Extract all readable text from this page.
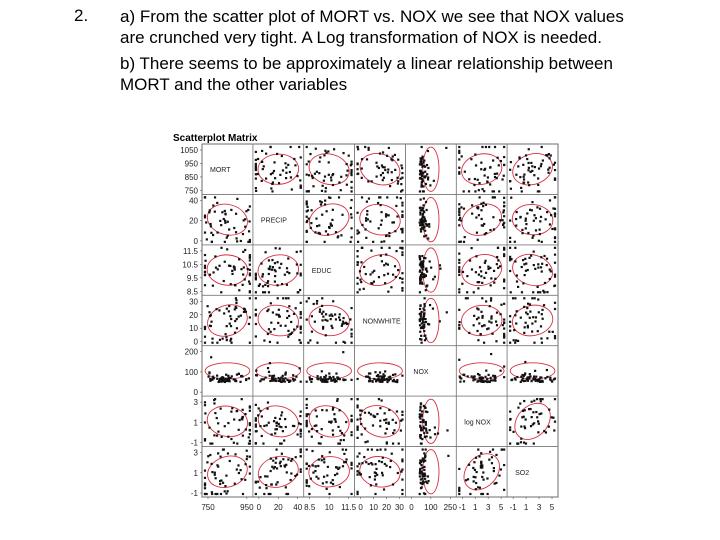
2. a) From the scatter plot of MORT vs. NOX we see that NOX values are crunched very tight. A Log transformation of NOX is needed.

b) There seems to be approximately a linear relationship between MORT and the other variables

Scatterplot Matrix
MORT
PRECIP
EDUC
NONWHITE
NOX
log NOX
SO2
1050
950
850
750
40
20
0
11.5
10.5
9.5
8.5
30
20
10
0
200
100
0
3
1
-1
3
1
-1
750	950 0 20 40 8.5 10 11.5 0 10 20 30 0 100 250 -1 1 3 5 -1 1 3 5
